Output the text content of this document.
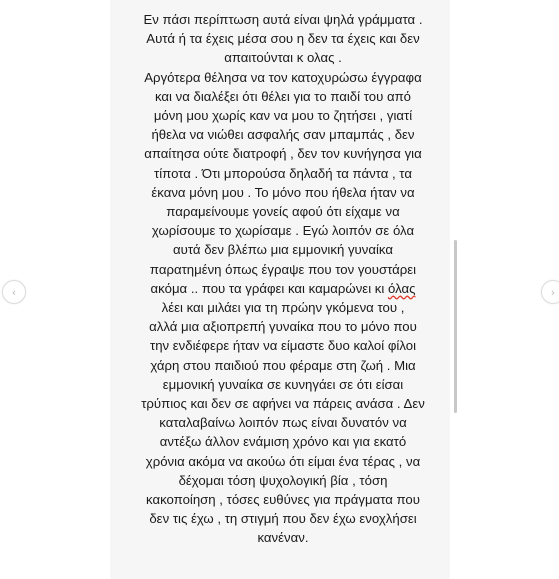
Εν πάσι περίπτωση αυτά είναι ψηλά γράμματα .
Αυτά ή τα έχεις μέσα σου η δεν τα έχεις και δεν
απαιτούνται κ ολας .
Αργότερα θέλησα να τον κατοχυρώσω έγγραφα
και να διαλέξει ότι θέλει για το παιδί του από
μόνη μου χωρίς καν να μου το ζητήσει , γιατί
ήθελα να νιώθει ασφαλής σαν μπαμπάς , δεν
απαίτησα ούτε διατροφή , δεν τον κυνήγησα για
τίποτα . Ότι μπορούσα δηλαδή τα πάντα , τα
έκανα μόνη μου . Το μόνο που ήθελα ήταν να
παραμείνουμε γονείς αφού ότι είχαμε να
χωρίσουμε το χωρίσαμε . Εγώ λοιπόν σε όλα
αυτά δεν βλέπω μια εμμονική γυναίκα
παρατημένη όπως έγραψε που τον γουστάρει
ακόμα .. που τα γράφει και καμαρώνει κι όλας
λέει και μιλάει για τη πρώην γκόμενα του ,
αλλά μια αξιοπρεπή γυναίκα που το μόνο που
την ενδιέφερε ήταν να είμαστε δυο καλοί φίλοι
χάρη στου παιδιού που φέραμε στη ζωή . Μια
εμμονική γυναίκα σε κυνηγάει σε ότι είσαι
τρύπιος και δεν σε αφήνει να πάρεις ανάσα . Δεν
καταλαβαίνω λοιπόν πως είναι δυνατόν να
αντέξω άλλον ενάμιση χρόνο και για εκατό
χρόνια ακόμα να ακούω ότι είμαι ένα τέρας , να
δέχομαι τόση ψυχολογική βία , τόση
κακοποίηση , τόσες ευθύνες για πράγματα που
δεν τις έχω , τη στιγμή που δεν έχω ενοχλήσει
κανέναν.
‹	›
